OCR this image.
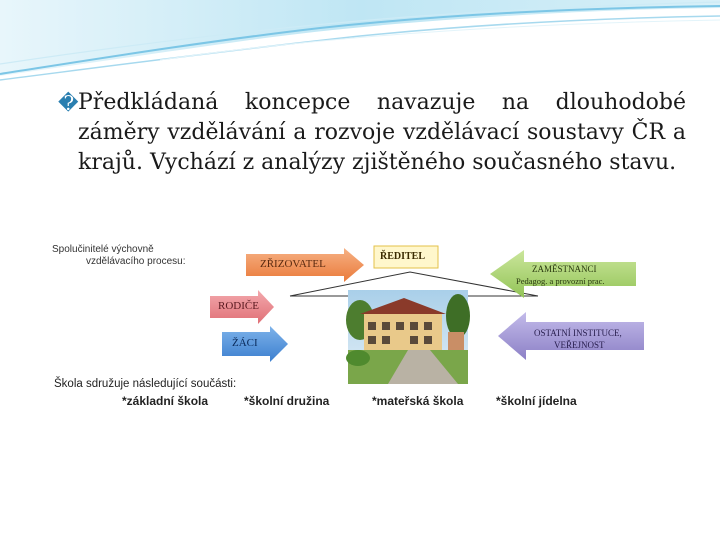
� Předkládaná koncepce navazuje na dlouhodobé záměry vzdělávání a rozvoje vzdělávací soustavy ČR a krajů. Vychází z analýzy zjištěného současného stavu.
Spolučinitelé výchovně
vzdělávacího procesu:	ZŘIZOVATEL
ŘEDITEL
RODIČE
ŽÁCI
ZAMĚSTNANCI
Pedagog. a provozní prac.
OSTATNÍ INSTITUCE,
VEŘEJNOST
Škola sdružuje následující součásti:
*základní škola	*školní družina	*mateřská škola	*školní jídelna
